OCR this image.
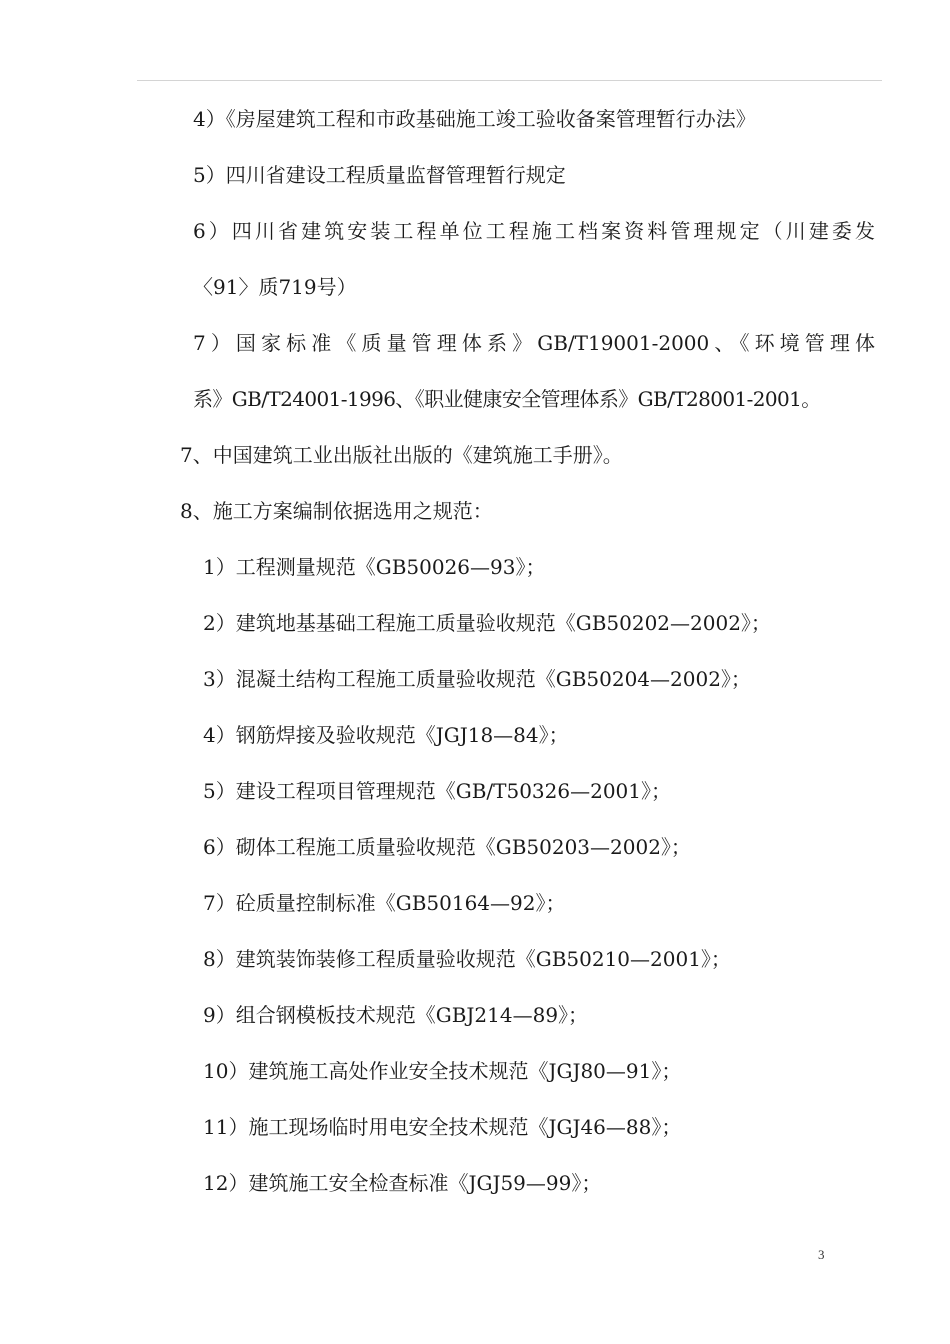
4）《房屋建筑工程和市政基础施工竣工验收备案管理暂行办法》
5）四川省建设工程质量监督管理暂行规定
6）四川省建筑安装工程单位工程施工档案资料管理规定（川建委发
〈91〉质719号）
7）国家标准《质量管理体系》GB/T19001-2000、《环境管理体
系》GB/T24001-1996、《职业健康安全管理体系》GB/T28001-2001。
7、中国建筑工业出版社出版的《建筑施工手册》。
8、施工方案编制依据选用之规范：
1）工程测量规范《GB50026—93》；
2）建筑地基基础工程施工质量验收规范《GB50202—2002》；
3）混凝土结构工程施工质量验收规范《GB50204—2002》；
4）钢筋焊接及验收规范《JGJ18—84》；
5）建设工程项目管理规范《GB/T50326—2001》；
6）砌体工程施工质量验收规范《GB50203—2002》；
7）砼质量控制标准《GB50164—92》；
8）建筑装饰装修工程质量验收规范《GB50210—2001》；
9）组合钢模板技术规范《GBJ214—89》；
10）建筑施工高处作业安全技术规范《JGJ80—91》；
11）施工现场临时用电安全技术规范《JGJ46—88》；
12）建筑施工安全检查标准《JGJ59—99》；
3
